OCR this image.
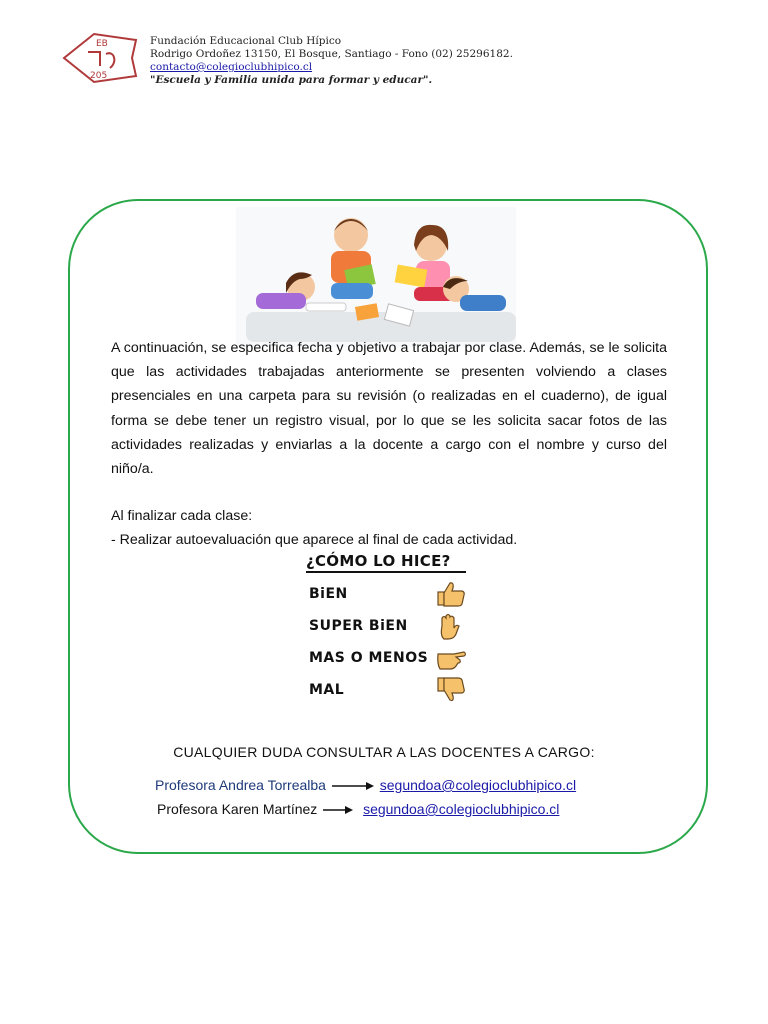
EB
205
Fundación Educacional Club Hípico
Rodrigo Ordoñez 13150, El Bosque, Santiago - Fono (02) 25296182.
contacto@colegioclubhipico.cl
"Escuela y Familia unida para formar y educar".
A continuación, se especifica fecha y objetivo a trabajar por clase. Además, se le solicita que las actividades trabajadas anteriormente se presenten volviendo a clases presenciales en una carpeta para su revisión (o realizadas en el cuaderno), de igual forma se debe tener un registro visual, por lo que se les solicita sacar fotos de las actividades realizadas y enviarlas a la docente a cargo con el nombre y curso del niño/a.
Al finalizar cada clase:
- Realizar autoevaluación que aparece al final de cada actividad.
¿CÓMO LO HICE?
BiEN
SUPER BiEN
MAS O MENOS
MAL
CUALQUIER DUDA CONSULTAR A LAS DOCENTES A CARGO:
Profesora Andrea Torrealba	segundoa@colegioclubhipico.cl
Profesora Karen Martínez	segundoa@colegioclubhipico.cl
